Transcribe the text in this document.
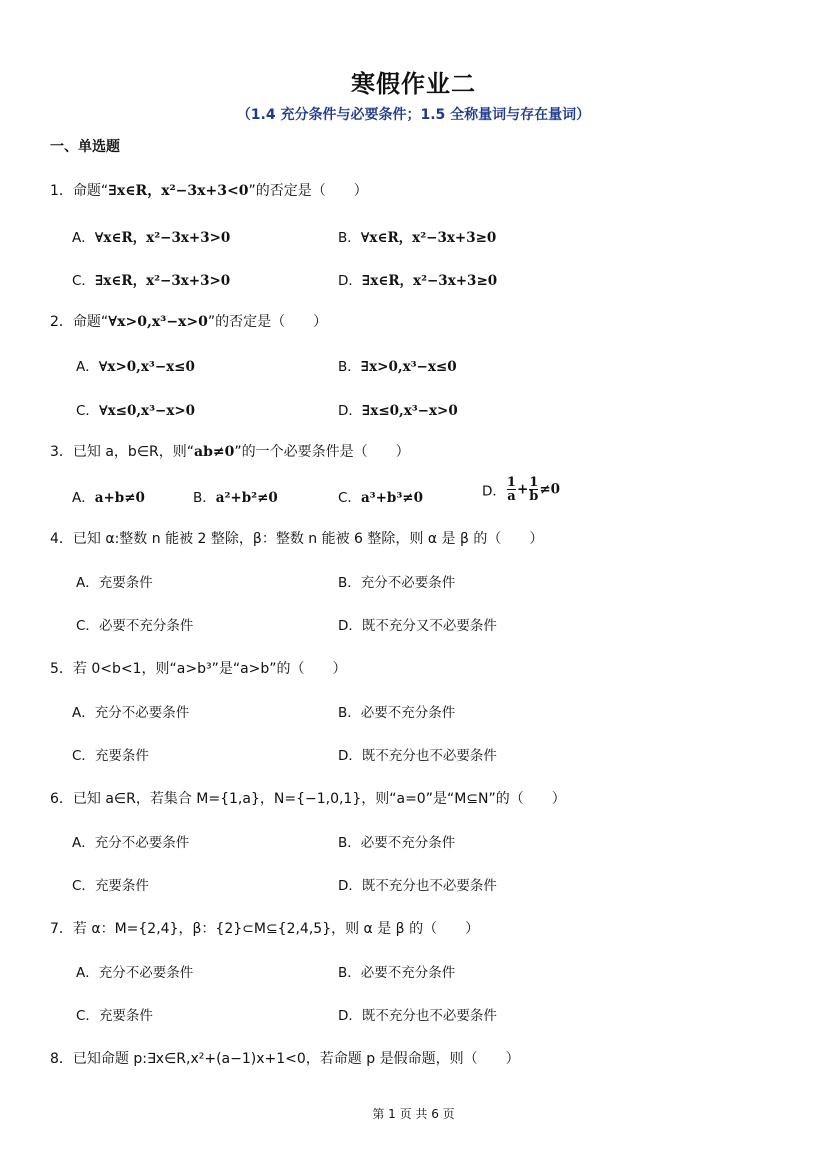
寒假作业二
（1.4 充分条件与必要条件；1.5 全称量词与存在量词）
一、单选题
1．命题“∃x∈R，x²−3x+3<0”的否定是（　　）
A．∀x∈R，x²−3x+3>0	B．∀x∈R，x²−3x+3≥0
C．∃x∈R，x²−3x+3>0	D．∃x∈R，x²−3x+3≥0
2．命题“∀x>0,x³−x>0”的否定是（　　）
A．∀x>0,x³−x≤0	B．∃x>0,x³−x≤0
C．∀x≤0,x³−x>0	D．∃x≤0,x³−x>0
3．已知 a，b∈R，则“ab≠0”的一个必要条件是（　　）
A．a+b≠0	B．a²+b²≠0	C．a³+b³≠0	D． $\frac{1}{a} + \frac{1}{b} \ne 0$
4．已知 α:整数 n 能被 2 整除，β：整数 n 能被 6 整除，则 α 是 β 的（　　）
A．充要条件	B．充分不必要条件
C．必要不充分条件	D．既不充分又不必要条件
5．若 0<b<1，则“a>b³”是“a>b”的（　　）
A．充分不必要条件	B．必要不充分条件
C．充要条件	D．既不充分也不必要条件
6．已知 a∈R，若集合 M={1,a}，N={−1,0,1}，则“a=0”是“M⊆N”的（　　）
A．充分不必要条件	B．必要不充分条件
C．充要条件	D．既不充分也不必要条件
7．若 α：M={2,4}，β：{2}⊂M⊆{2,4,5}，则 α 是 β 的（　　）
A．充分不必要条件	B．必要不充分条件
C．充要条件	D．既不充分也不必要条件
8．已知命题 p:∃x∈R,x²+(a−1)x+1<0，若命题 p 是假命题，则（　　）
第 1 页 共 6 页
